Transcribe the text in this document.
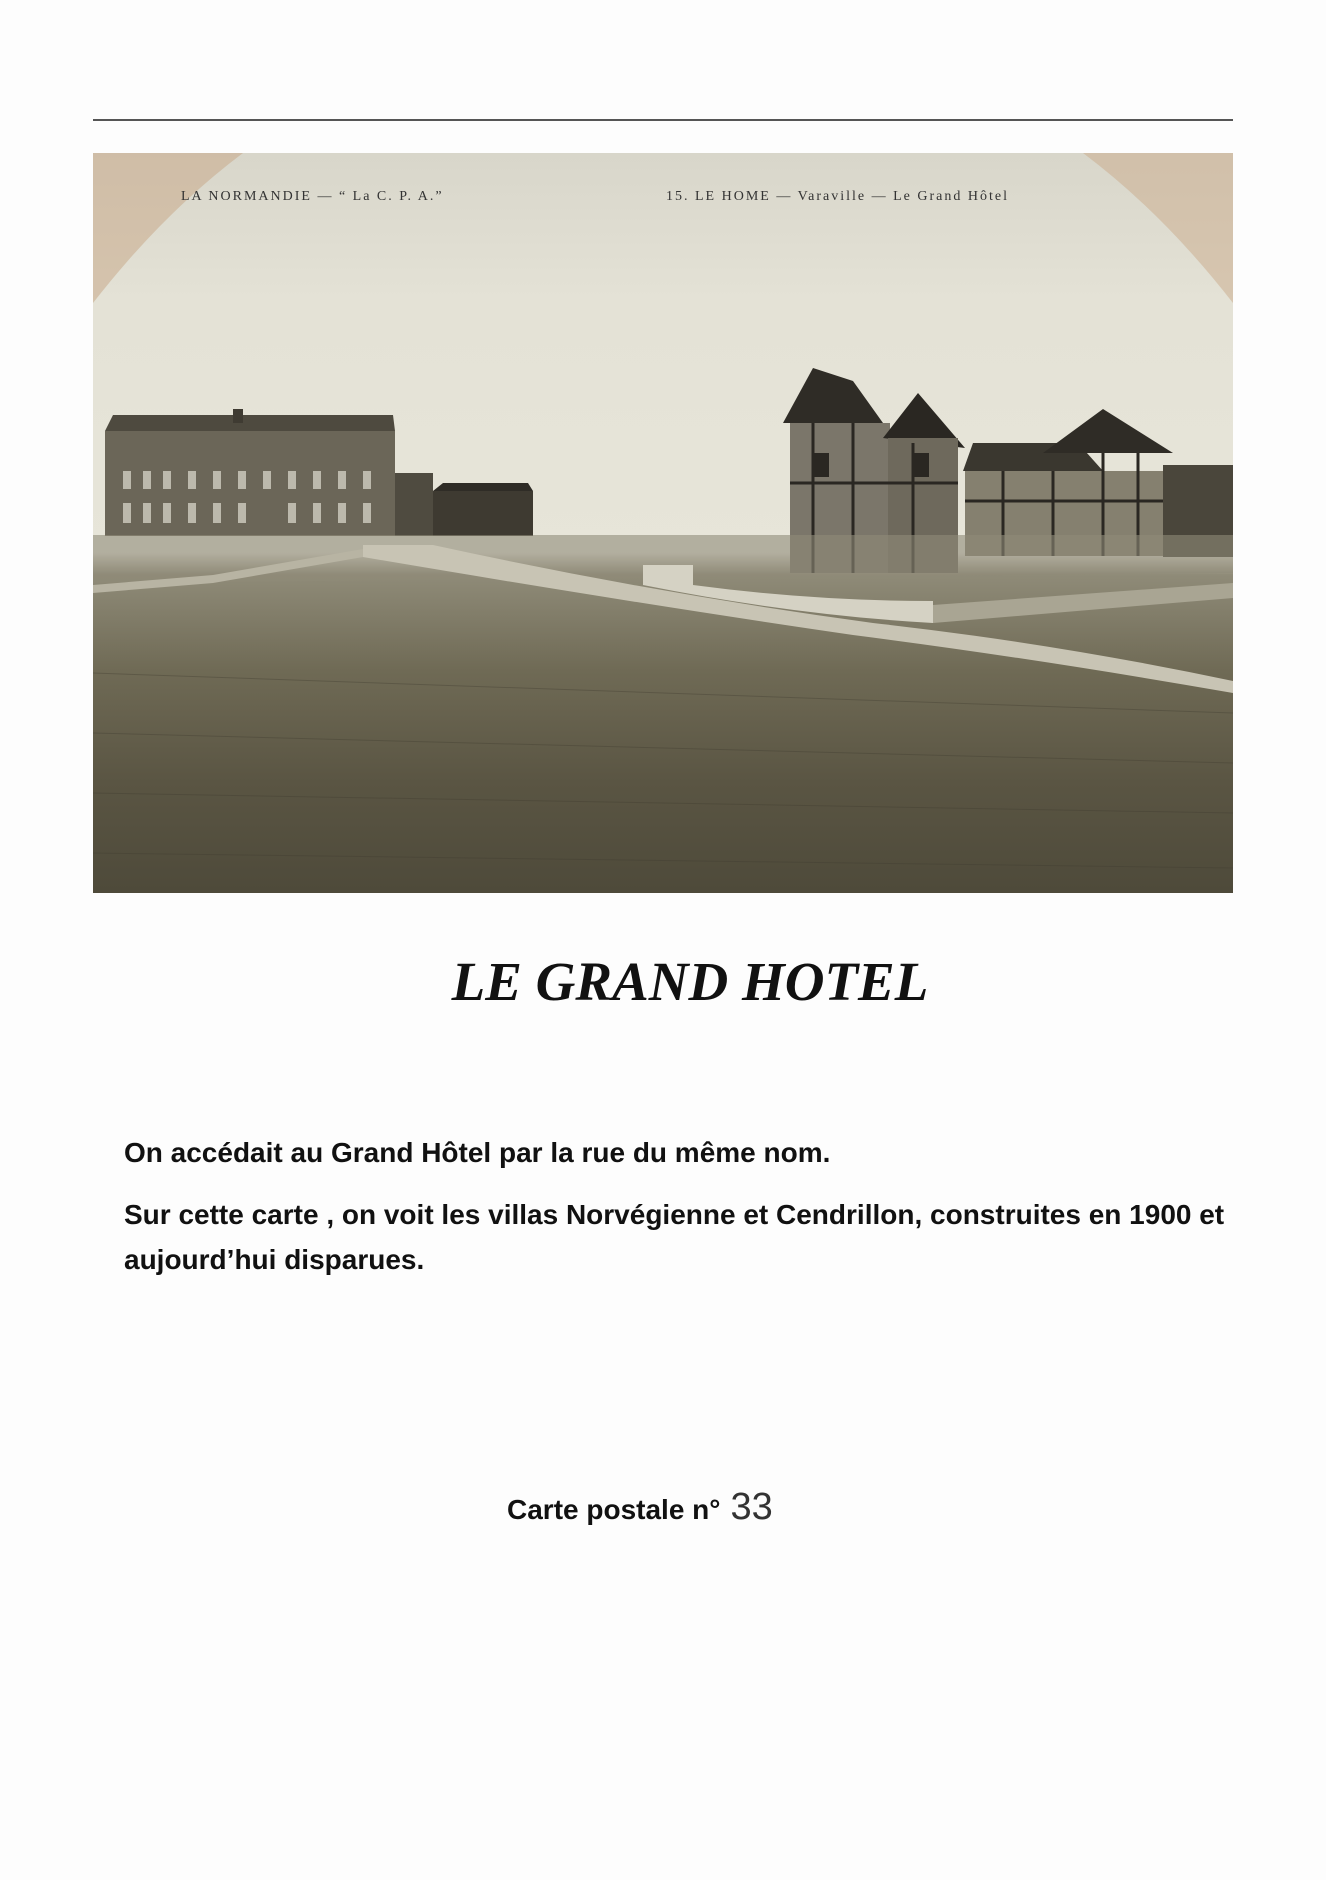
LA NORMANDIE — “ La C. P. A.”	15. LE HOME — Varaville — Le Grand Hôtel
LE GRAND HOTEL

On accédait au Grand Hôtel par la rue du même nom.

Sur cette carte , on voit les villas Norvégienne et Cendrillon, construites en 1900 et aujourd’hui disparues.

Carte postale n° 33
